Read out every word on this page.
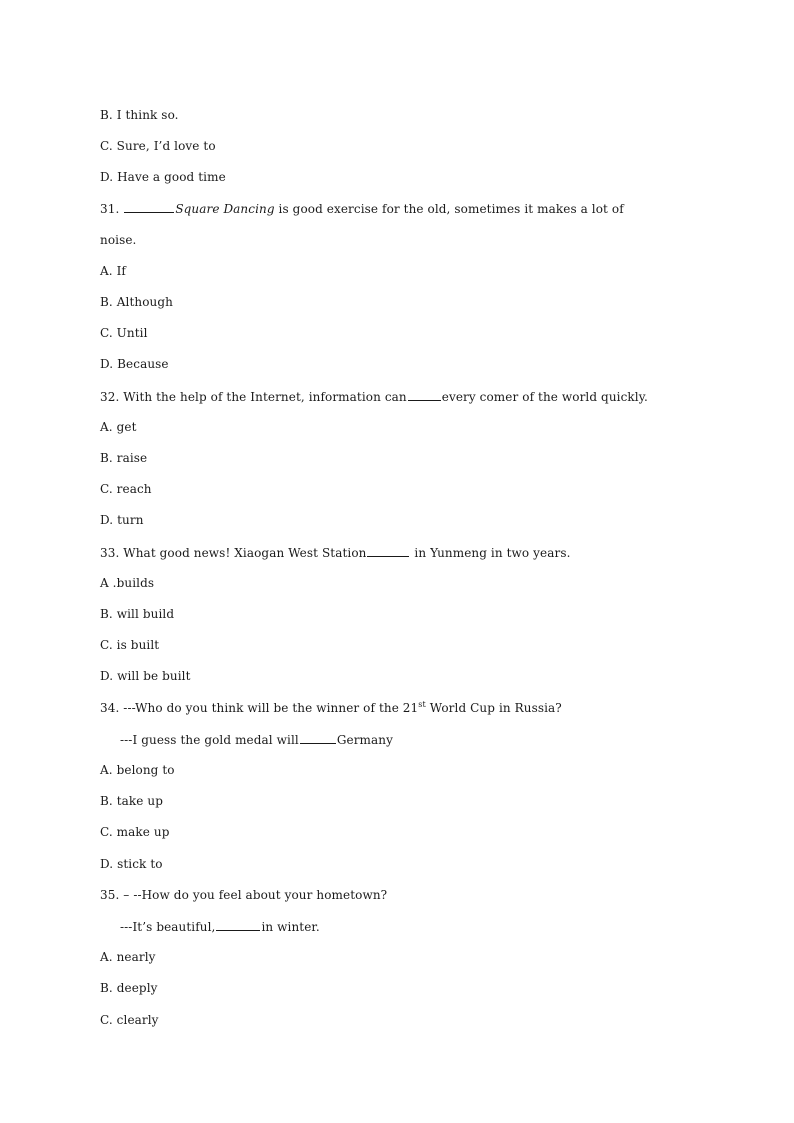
B. I think so.
C. Sure, I’d love to
D. Have a good time
31.	Square Dancing is good exercise for the old, sometimes it makes a lot of
noise.
A. If
B. Although
C. Until
D. Because
32. With the help of the Internet, information can	every comer of the world quickly.
A. get
B. raise
C. reach
D. turn
33. What good news! Xiaogan West Station	in Yunmeng in two years.
A .builds
B. will build
C. is built
D. will be built
34. ---Who do you think will be the winner of the 21st World Cup in Russia?
---I guess the gold medal will	Germany
A. belong to
B. take up
C. make up
D. stick to
35. – --How do you feel about your hometown?
---It’s beautiful,	in winter.
A. nearly
B. deeply
C. clearly
